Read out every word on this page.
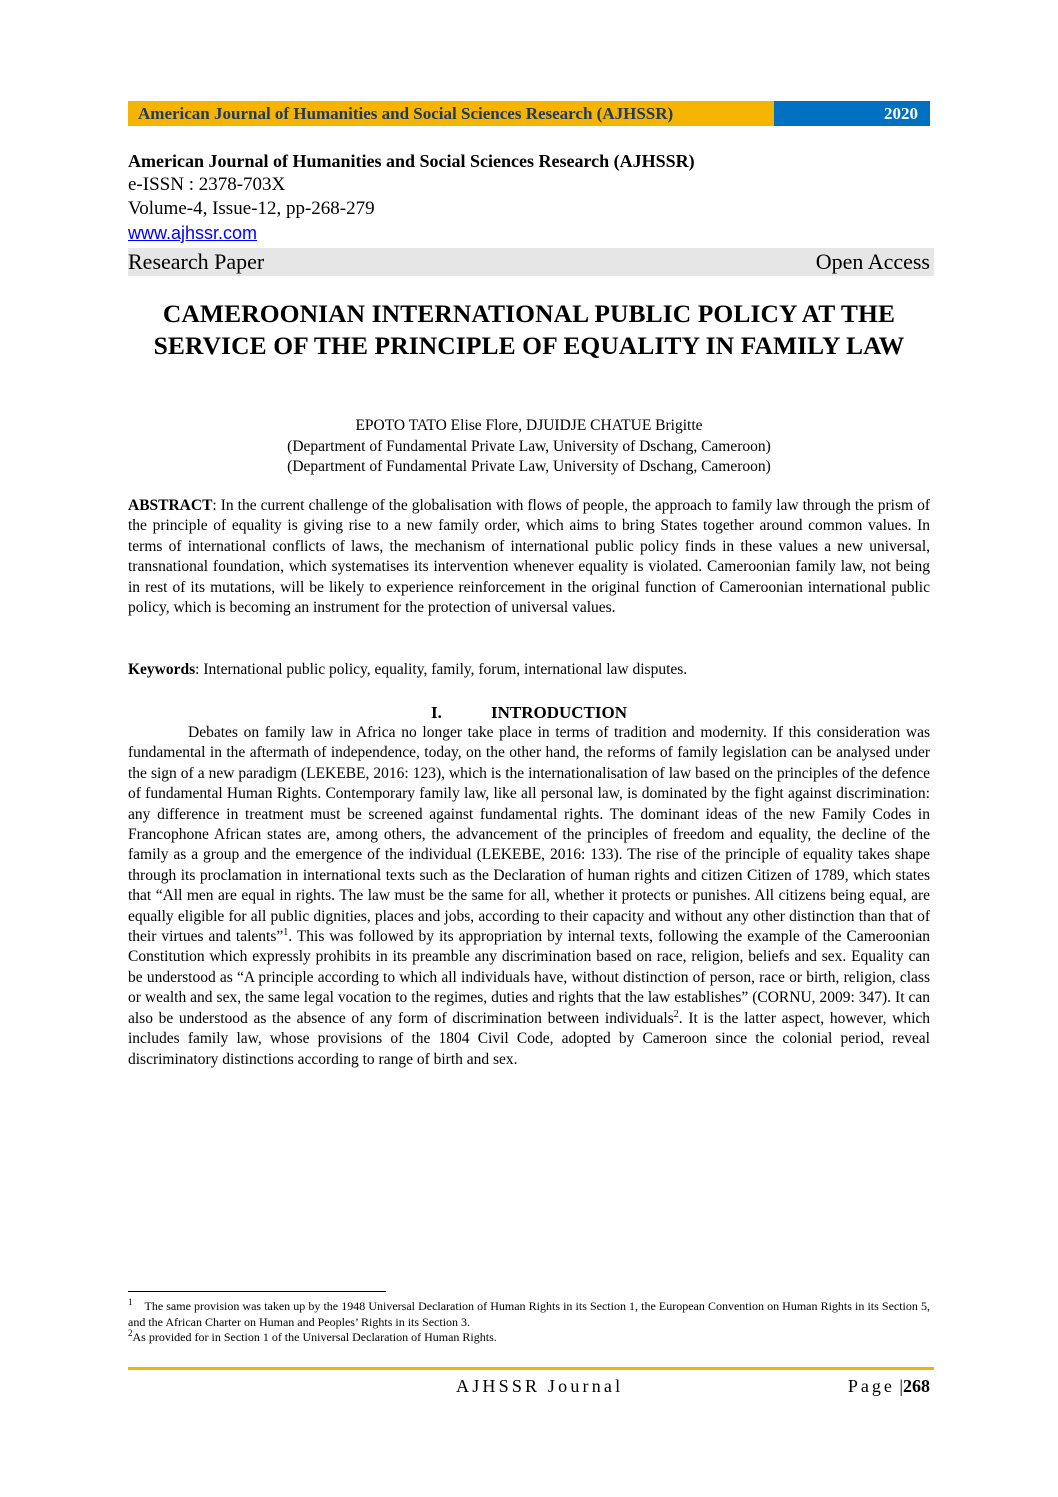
American Journal of Humanities and Social Sciences Research (AJHSSR)	2020
American Journal of Humanities and Social Sciences Research (AJHSSR)
e-ISSN : 2378-703X
Volume-4, Issue-12, pp-268-279
www.ajhssr.com
Research Paper	Open Access
CAMEROONIAN INTERNATIONAL PUBLIC POLICY AT THE SERVICE OF THE PRINCIPLE OF EQUALITY IN FAMILY LAW
EPOTO TATO Elise Flore, DJUIDJE CHATUE Brigitte
(Department of Fundamental Private Law, University of Dschang, Cameroon)
(Department of Fundamental Private Law, University of Dschang, Cameroon)
ABSTRACT: In the current challenge of the globalisation with flows of people, the approach to family law through the prism of the principle of equality is giving rise to a new family order, which aims to bring States together around common values. In terms of international conflicts of laws, the mechanism of international public policy finds in these values a new universal, transnational foundation, which systematises its intervention whenever equality is violated. Cameroonian family law, not being in rest of its mutations, will be likely to experience reinforcement in the original function of Cameroonian international public policy, which is becoming an instrument for the protection of universal values.
Keywords: International public policy, equality, family, forum, international law disputes.
I.	INTRODUCTION
Debates on family law in Africa no longer take place in terms of tradition and modernity. If this consideration was fundamental in the aftermath of independence, today, on the other hand, the reforms of family legislation can be analysed under the sign of a new paradigm (LEKEBE, 2016: 123), which is the internationalisation of law based on the principles of the defence of fundamental Human Rights. Contemporary family law, like all personal law, is dominated by the fight against discrimination: any difference in treatment must be screened against fundamental rights. The dominant ideas of the new Family Codes in Francophone African states are, among others, the advancement of the principles of freedom and equality, the decline of the family as a group and the emergence of the individual (LEKEBE, 2016: 133). The rise of the principle of equality takes shape through its proclamation in international texts such as the Declaration of human rights and citizen Citizen of 1789, which states that “All men are equal in rights. The law must be the same for all, whether it protects or punishes. All citizens being equal, are equally eligible for all public dignities, places and jobs, according to their capacity and without any other distinction than that of their virtues and talents”$^1$. This was followed by its appropriation by internal texts, following the example of the Cameroonian Constitution which expressly prohibits in its preamble any discrimination based on race, religion, beliefs and sex. Equality can be understood as “A principle according to which all individuals have, without distinction of person, race or birth, religion, class or wealth and sex, the same legal vocation to the regimes, duties and rights that the law establishes” (CORNU, 2009: 347). It can also be understood as the absence of any form of discrimination between individuals$^2$. It is the latter aspect, however, which includes family law, whose provisions of the 1804 Civil Code, adopted by Cameroon since the colonial period, reveal discriminatory distinctions according to range of birth and sex.
$^1$ The same provision was taken up by the 1948 Universal Declaration of Human Rights in its Section 1, the European Convention on Human Rights in its Section 5, and the African Charter on Human and Peoples’ Rights in its Section 3.
$^2$As provided for in Section 1 of the Universal Declaration of Human Rights.
AJHSSR Journal	Page |268
